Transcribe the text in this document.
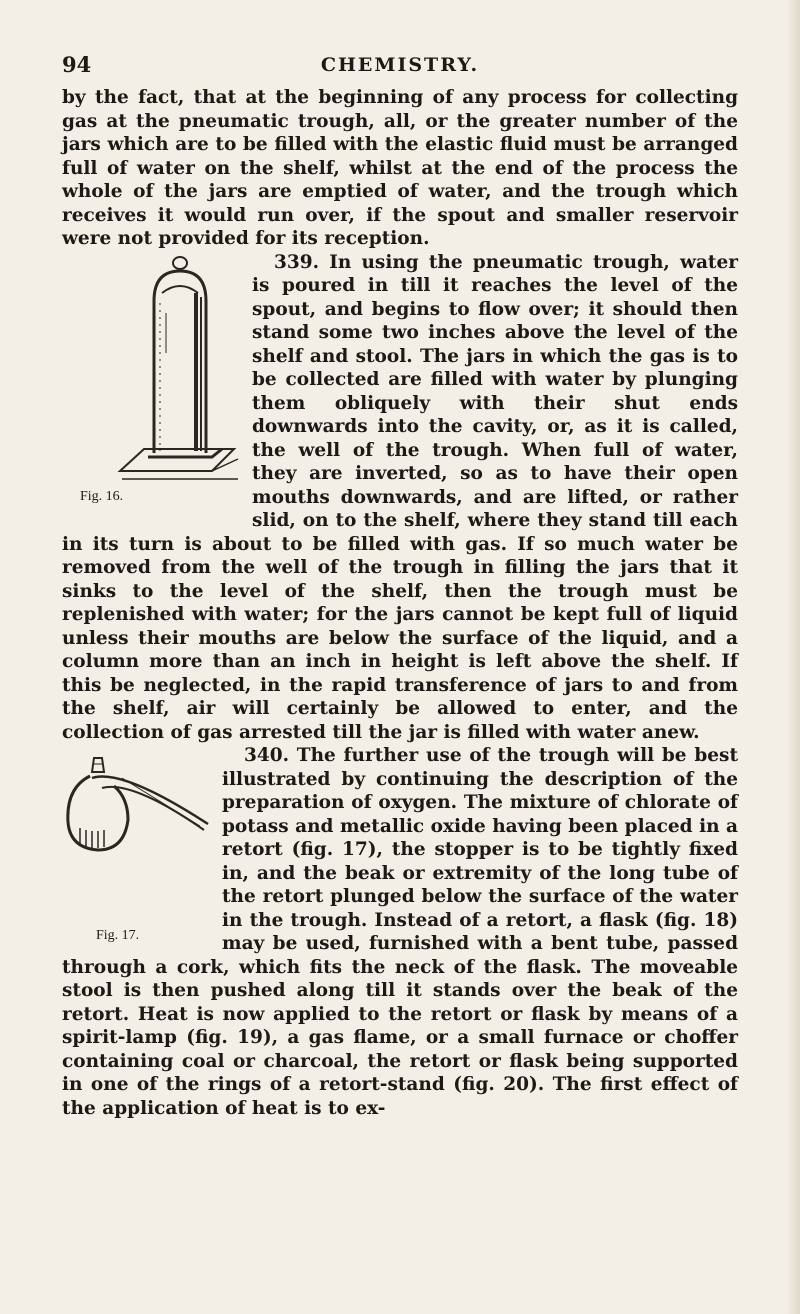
94	CHEMISTRY.

by the fact, that at the beginning of any process for collecting gas at the pneumatic trough, all, or the greater number of the jars which are to be filled with the elastic fluid must be arranged full of water on the shelf, whilst at the end of the process the whole of the jars are emptied of water, and the trough which receives it would run over, if the spout and smaller reservoir were not provided for its reception.

Fig. 16.

339. In using the pneumatic trough, water is poured in till it reaches the level of the spout, and begins to flow over; it should then stand some two inches above the level of the shelf and stool. The jars in which the gas is to be collected are filled with water by plunging them obliquely with their shut ends downwards into the cavity, or, as it is called, the well of the trough. When full of water, they are inverted, so as to have their open mouths downwards, and are lifted, or rather slid, on to the shelf, where they stand till each in its turn is about to be filled with gas. If so much water be removed from the well of the trough in filling the jars that it sinks to the level of the shelf, then the trough must be replenished with water; for the jars cannot be kept full of liquid unless their mouths are below the surface of the liquid, and a column more than an inch in height is left above the shelf. If this be neglected, in the rapid transference of jars to and from the shelf, air will certainly be allowed to enter, and the collection of gas arrested till the jar is filled with water anew.

Fig. 17.

340. The further use of the trough will be best illustrated by continuing the description of the preparation of oxygen. The mixture of chlorate of potass and metallic oxide having been placed in a retort (fig. 17), the stopper is to be tightly fixed in, and the beak or extremity of the long tube of the retort plunged below the surface of the water in the trough. Instead of a retort, a flask (fig. 18) may be used, furnished with a bent tube, passed through a cork, which fits the neck of the flask. The moveable stool is then pushed along till it stands over the beak of the retort. Heat is now applied to the retort or flask by means of a spirit-lamp (fig. 19), a gas flame, or a small furnace or choffer containing coal or charcoal, the retort or flask being supported in one of the rings of a retort-stand (fig. 20). The first effect of the application of heat is to ex-
